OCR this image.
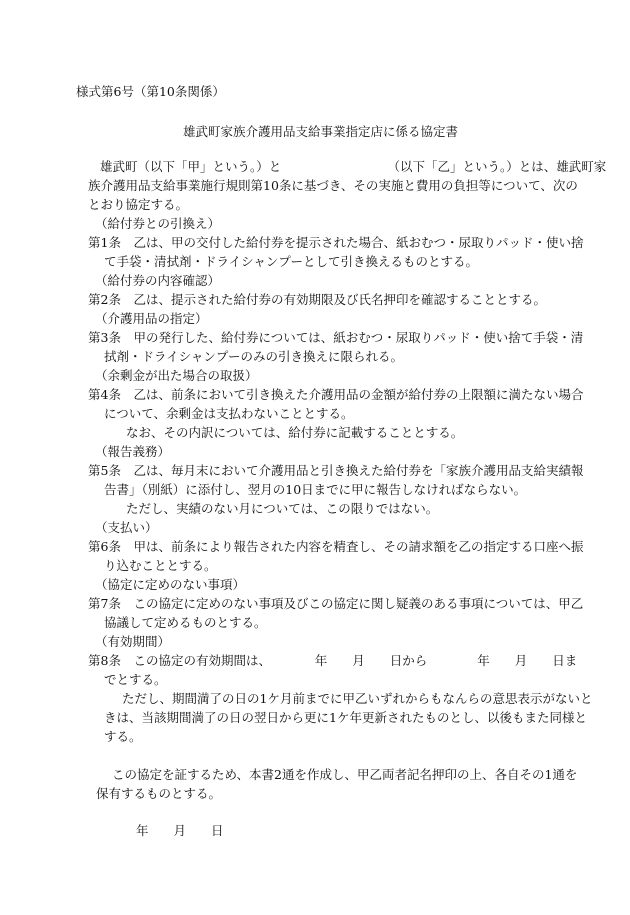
様式第6号（第10条関係）
雄武町家族介護用品支給事業指定店に係る協定書
雄武町（以下「甲」という。）と　　　　　　　　　（以下「乙」という。）とは、雄武町家
族介護用品支給事業施行規則第10条に基づき、その実施と費用の負担等について、次の
とおり協定する。
（給付券との引換え）
第1条　乙は、甲の交付した給付券を提示された場合、紙おむつ・尿取りパッド・使い捨
て手袋・清拭剤・ドライシャンプーとして引き換えるものとする。
（給付券の内容確認）
第2条　乙は、提示された給付券の有効期限及び氏名押印を確認することとする。
（介護用品の指定）
第3条　甲の発行した、給付券については、紙おむつ・尿取りパッド・使い捨て手袋・清
拭剤・ドライシャンプーのみの引き換えに限られる。
（余剰金が出た場合の取扱）
第4条　乙は、前条において引き換えた介護用品の金額が給付券の上限額に満たない場合
について、余剰金は支払わないこととする。
なお、その内訳については、給付券に記載することとする。
（報告義務）
第5条　乙は、毎月末において介護用品と引き換えた給付券を「家族介護用品支給実績報
告書」（別紙）に添付し、翌月の10日までに甲に報告しなければならない。
ただし、実績のない月については、この限りではない。
（支払い）
第6条　甲は、前条により報告された内容を精査し、その請求額を乙の指定する口座へ振
り込むこととする。
（協定に定めのない事項）
第7条　この協定に定めのない事項及びこの協定に関し疑義のある事項については、甲乙
協議して定めるものとする。
（有効期間）
第8条　この協定の有効期間は、　　　　年　　月　　日から　　　　年　　月　　日ま
でとする。
ただし、期間満了の日の1ケ月前までに甲乙いずれからもなんらの意思表示がないと
きは、当該期間満了の日の翌日から更に1ケ年更新されたものとし、以後もまた同様と
する。
この協定を証するため、本書2通を作成し、甲乙両者記名押印の上、各自その1通を
保有するものとする。
年　　月　　日
